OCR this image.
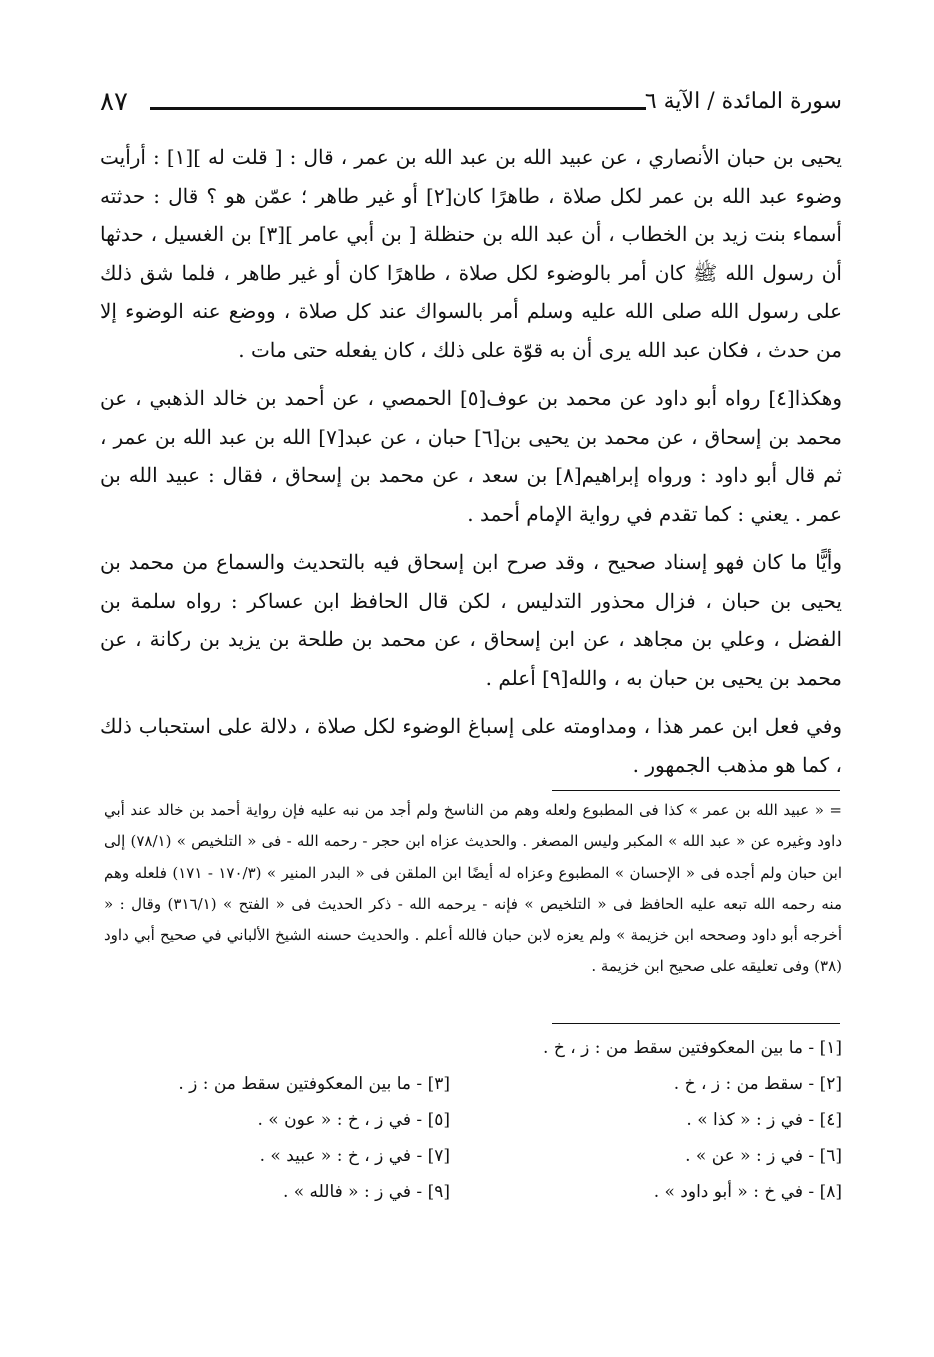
٨٧	سورة المائدة / الآية ٦

يحيى بن حبان الأنصاري ، عن عبيد الله بن عبد الله بن عمر ، قال : [ قلت له ][١] : أرأيت وضوء عبد الله بن عمر لكل صلاة ، طاهرًا كان[٢] أو غير طاهر ؛ عمّن هو ؟ قال : حدثته أسماء بنت زيد بن الخطاب ، أن عبد الله بن حنظلة [ بن أبي عامر ][٣] بن الغسيل ، حدثها أن رسول الله ﷺ كان أمر بالوضوء لكل صلاة ، طاهرًا كان أو غير طاهر ، فلما شق ذلك على رسول الله صلى الله عليه وسلم أمر بالسواك عند كل صلاة ، ووضع عنه الوضوء إلا من حدث ، فكان عبد الله يرى أن به قوّة على ذلك ، كان يفعله حتى مات .

وهكذا[٤] رواه أبو داود عن محمد بن عوف[٥] الحمصي ، عن أحمد بن خالد الذهبي ، عن محمد بن إسحاق ، عن محمد بن يحيى بن[٦] حبان ، عن عبد[٧] الله بن عبد الله بن عمر ، ثم قال أبو داود : ورواه إبراهيم[٨] بن سعد ، عن محمد بن إسحاق ، فقال : عبيد الله بن عمر . يعني : كما تقدم في رواية الإمام أحمد .

وأيًّا ما كان فهو إسناد صحيح ، وقد صرح ابن إسحاق فيه بالتحديث والسماع من محمد بن يحيى بن حبان ، فزال محذور التدليس ، لكن قال الحافظ ابن عساكر : رواه سلمة بن الفضل ، وعلي بن مجاهد ، عن ابن إسحاق ، عن محمد بن طلحة بن يزيد بن ركانة ، عن محمد بن يحيى بن حبان به ، والله[٩] أعلم .

وفي فعل ابن عمر هذا ، ومداومته على إسباغ الوضوء لكل صلاة ، دلالة على استحباب ذلك ، كما هو مذهب الجمهور .

= « عبيد الله بن عمر » كذا فى المطبوع ولعله وهم من الناسخ ولم أجد من نبه عليه فإن رواية أحمد بن خالد عند أبي داود وغيره عن « عبد الله » المكبر وليس المصغر . والحديث عزاه ابن حجر - رحمه الله - فى « التلخيص » (٧٨/١) إلى ابن حبان ولم أجده فى « الإحسان » المطبوع وعزاه له أيضًا ابن الملقن فى « البدر المنير » (١٧٠/٣ - ١٧١) فلعله وهم منه رحمه الله تبعه عليه الحافظ فى « التلخيص » فإنه - يرحمه الله - ذكر الحديث فى « الفتح » (٣١٦/١) وقال : « أخرجه أبو داود وصححه ابن خزيمة » ولم يعزه لابن حبان فالله أعلم . والحديث حسنه الشيخ الألباني في صحيح أبي داود (٣٨) وفى تعليقه على صحيح ابن خزيمة .

[١] - ما بين المعكوفتين سقط من : ز ، خ .
[٢] - سقط من : ز ، خ .
[٣] - ما بين المعكوفتين سقط من : ز .
[٤] - في ز : « كذا » .
[٥] - في ز ، خ : « عون » .
[٦] - في ز : « عن » .
[٧] - في ز ، خ : « عبيد » .
[٨] - في خ : « أبو داود » .
[٩] - في ز : « فالله » .
